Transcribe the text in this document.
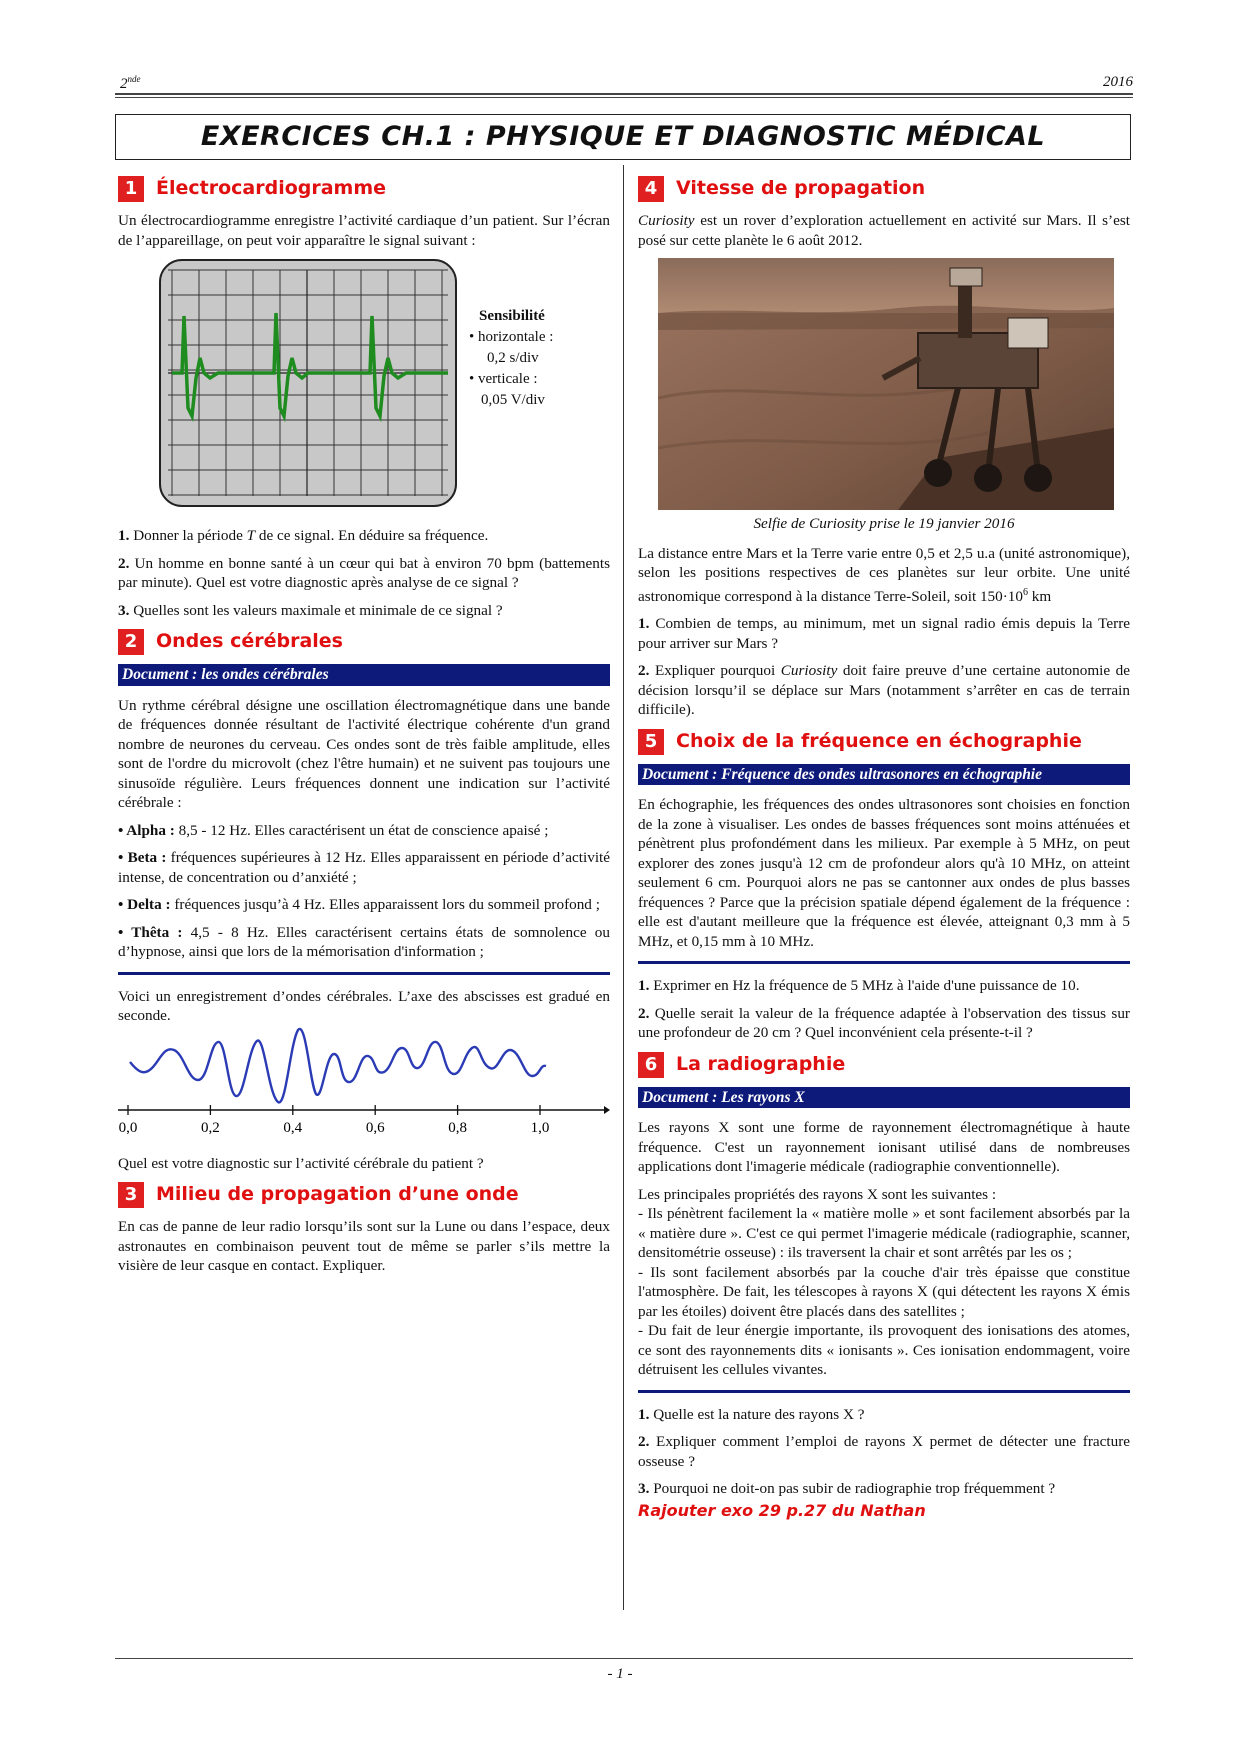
2nde	2016
EXERCICES CH.1 : PHYSIQUE ET DIAGNOSTIC MÉDICAL
1 Électrocardiogramme

Un électrocardiogramme enregistre l’activité cardiaque d’un patient. Sur l’écran de l’appareillage, on peut voir apparaître le signal suivant :

Sensibilité
• horizontale :
0,2 s/div
• verticale :
0,05 V/div

1. Donner la période T de ce signal. En déduire sa fréquence.

2. Un homme en bonne santé à un cœur qui bat à environ 70 bpm (battements par minute). Quel est votre diagnostic après analyse de ce signal ?

3. Quelles sont les valeurs maximale et minimale de ce signal ?

2 Ondes cérébrales
Document : les ondes cérébrales

Un rythme cérébral désigne une oscillation électromagnétique dans une bande de fréquences donnée résultant de l'activité électrique cohérente d'un grand nombre de neurones du cerveau. Ces ondes sont de très faible amplitude, elles sont de l'ordre du microvolt (chez l'être humain) et ne suivent pas toujours une sinusoïde régulière. Leurs fréquences donnent une indication sur l’activité cérébrale :

• Alpha : 8,5 - 12 Hz. Elles caractérisent un état de conscience apaisé ;

• Beta : fréquences supérieures à 12 Hz. Elles apparaissent en période d’activité intense, de concentration ou d’anxiété ;

• Delta : fréquences jusqu’à 4 Hz. Elles apparaissent lors du sommeil profond ;

• Thêta : 4,5 - 8 Hz. Elles caractérisent certains états de somnolence ou d’hypnose, ainsi que lors de la mémorisation d'information ;

Voici un enregistrement d’ondes cérébrales. L’axe des abscisses est gradué en seconde.

0,0	0,2	0,4	0,6	0,8	1,0

Quel est votre diagnostic sur l’activité cérébrale du patient ?

3 Milieu de propagation d’une onde

En cas de panne de leur radio lorsqu’ils sont sur la Lune ou dans l’espace, deux astronautes en combinaison peuvent tout de même se parler s’ils mettre la visière de leur casque en contact. Expliquer.

4 Vitesse de propagation

Curiosity est un rover d’exploration actuellement en activité sur Mars. Il s’est posé sur cette planète le 6 août 2012.

Selfie de Curiosity prise le 19 janvier 2016

La distance entre Mars et la Terre varie entre 0,5 et 2,5 u.a (unité astronomique), selon les positions respectives de ces planètes sur leur orbite. Une unité astronomique correspond à la distance Terre-Soleil, soit $150\cdot 10^6$ km

1. Combien de temps, au minimum, met un signal radio émis depuis la Terre pour arriver sur Mars ?

2. Expliquer pourquoi Curiosity doit faire preuve d’une certaine autonomie de décision lorsqu’il se déplace sur Mars (notamment s’arrêter en cas de terrain difficile).

5 Choix de la fréquence en échographie
Document : Fréquence des ondes ultrasonores en échographie

En échographie, les fréquences des ondes ultrasonores sont choisies en fonction de la zone à visualiser. Les ondes de basses fréquences sont moins atténuées et pénètrent plus profondément dans les milieux. Par exemple à 5 MHz, on peut explorer des zones jusqu'à 12 cm de profondeur alors qu'à 10 MHz, on atteint seulement 6 cm. Pourquoi alors ne pas se cantonner aux ondes de plus basses fréquences ? Parce que la précision spatiale dépend également de la fréquence : elle est d'autant meilleure que la fréquence est élevée, atteignant 0,3 mm à 5 MHz, et 0,15 mm à 10 MHz.

1. Exprimer en Hz la fréquence de 5 MHz à l'aide d'une puissance de 10.

2. Quelle serait la valeur de la fréquence adaptée à l'observation des tissus sur une profondeur de 20 cm ? Quel inconvénient cela présente-t-il ?

6 La radiographie
Document : Les rayons X

Les rayons X sont une forme de rayonnement électromagnétique à haute fréquence. C'est un rayonnement ionisant utilisé dans de nombreuses applications dont l'imagerie médicale (radiographie conventionnelle).

Les principales propriétés des rayons X sont les suivantes :

- Ils pénètrent facilement la « matière molle » et sont facilement absorbés par la « matière dure ». C'est ce qui permet l'imagerie médicale (radiographie, scanner, densitométrie osseuse) : ils traversent la chair et sont arrêtés par les os ;

- Ils sont facilement absorbés par la couche d'air très épaisse que constitue l'atmosphère. De fait, les télescopes à rayons X (qui détectent les rayons X émis par les étoiles) doivent être placés dans des satellites ;

- Du fait de leur énergie importante, ils provoquent des ionisations des atomes, ce sont des rayonnements dits « ionisants ». Ces ionisation endommagent, voire détruisent les cellules vivantes.

1. Quelle est la nature des rayons X ?

2. Expliquer comment l’emploi de rayons X permet de détecter une fracture osseuse ?

3. Pourquoi ne doit-on pas subir de radiographie trop fréquemment ?

Rajouter exo 29 p.27 du Nathan
- 1 -
